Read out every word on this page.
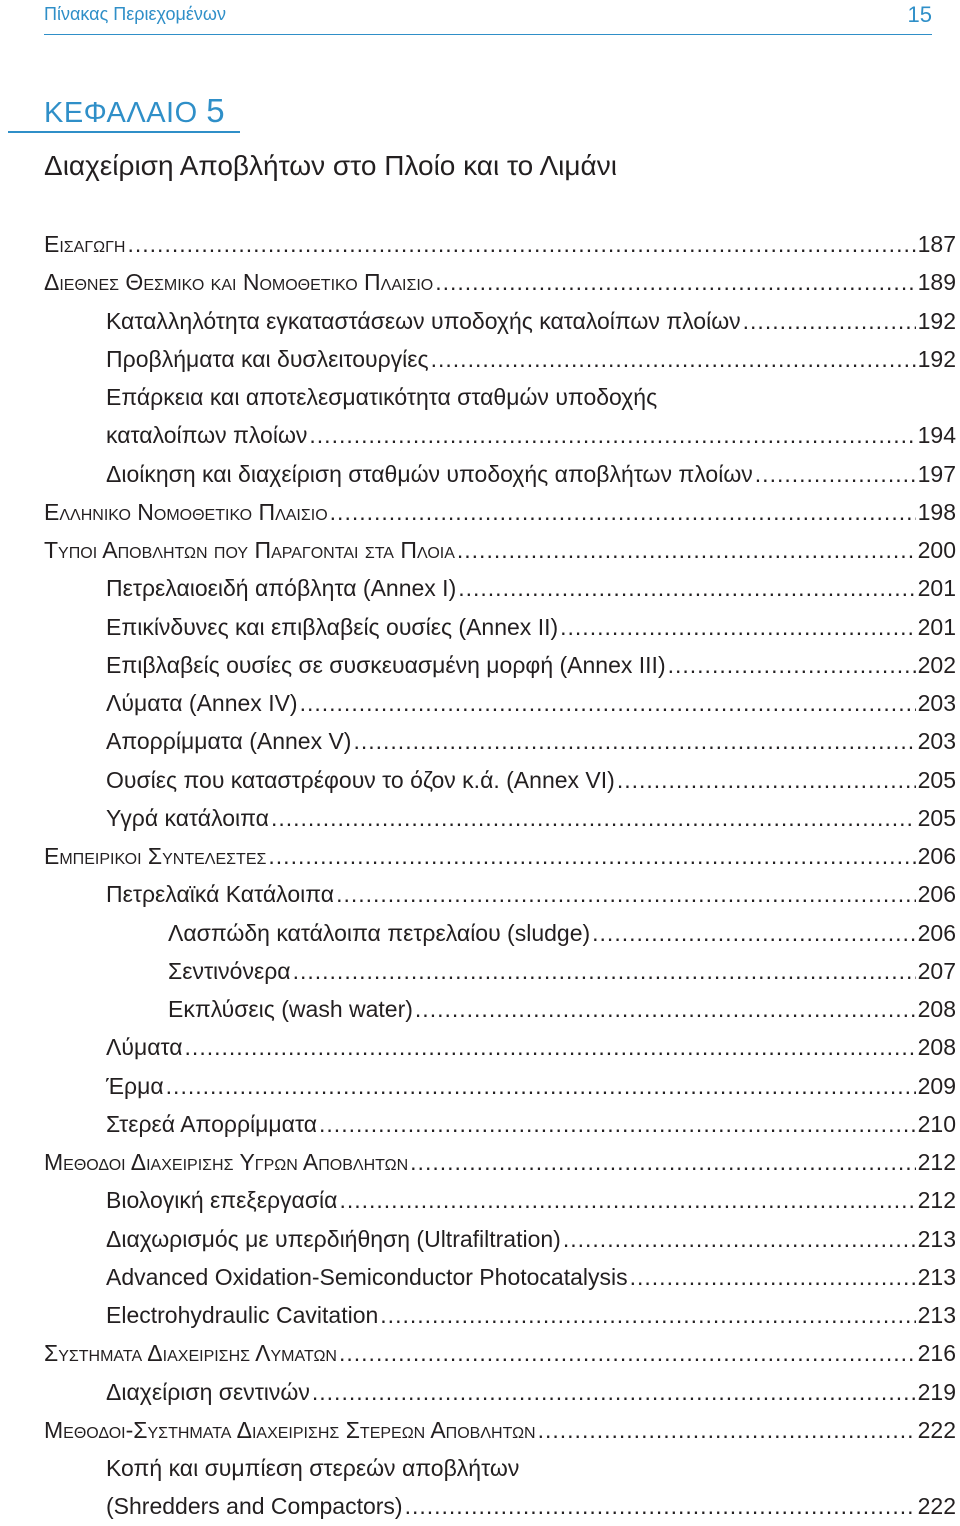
Πίνακας Περιεχομένων	15
ΚΕΦΑΛΑΙΟ 5
Διαχείριση Αποβλήτων στο Πλοίο και το Λιμάνι
Εισαγωγη .....	187
Διεθνες Θεσμικο και Νομοθετικο Πλαισιο .....	189
Καταλληλότητα εγκαταστάσεων υποδοχής καταλοίπων πλοίων .....	192
Προβλήματα και δυσλειτουργίες .....	192
Επάρκεια και αποτελεσματικότητα σταθμών υποδοχής
καταλοίπων πλοίων .....	194
Διοίκηση και διαχείριση σταθμών υποδοχής αποβλήτων πλοίων .....	197
Ελληνικο Νομοθετικο Πλαισιο .....	198
Τυποι Αποβλητων που Παραγονται στα Πλοια .....	200
Πετρελαιοειδή απόβλητα (Annex I) .....	201
Επικίνδυνες και επιβλαβείς ουσίες (Annex II) .....	201
Επιβλαβείς ουσίες σε συσκευασμένη μορφή (Annex III) .....	202
Λύματα (Annex IV) .....	203
Απορρίμματα (Annex V) .....	203
Ουσίες που καταστρέφουν το όζον κ.ά. (Annex VI) .....	205
Υγρά κατάλοιπα .....	205
Εμπειρικοι Συντελεστες .....	206
Πετρελαϊκά Κατάλοιπα .....	206
Λασπώδη κατάλοιπα πετρελαίου (sludge) .....	206
Σεντινόνερα .....	207
Εκπλύσεις (wash water) .....	208
Λύματα .....	208
Έρμα .....	209
Στερεά Απορρίμματα .....	210
Μεθοδοι Διαχειρισης Υγρων Αποβλητων .....	212
Βιολογική επεξεργασία .....	212
Διαχωρισμός με υπερδιήθηση (Ultrafiltration) .....	213
Advanced Oxidation-Semiconductor Photocatalysis .....	213
Electrohydraulic Cavitation .....	213
Συστηματα Διαχειρισης Λυματων .....	216
Διαχείριση σεντινών .....	219
Μεθοδοι-Συστηματα Διαχειρισης Στερεων Αποβλητων .....	222
Κοπή και συμπίεση στερεών αποβλήτων
(Shredders and Compactors) .....	222
